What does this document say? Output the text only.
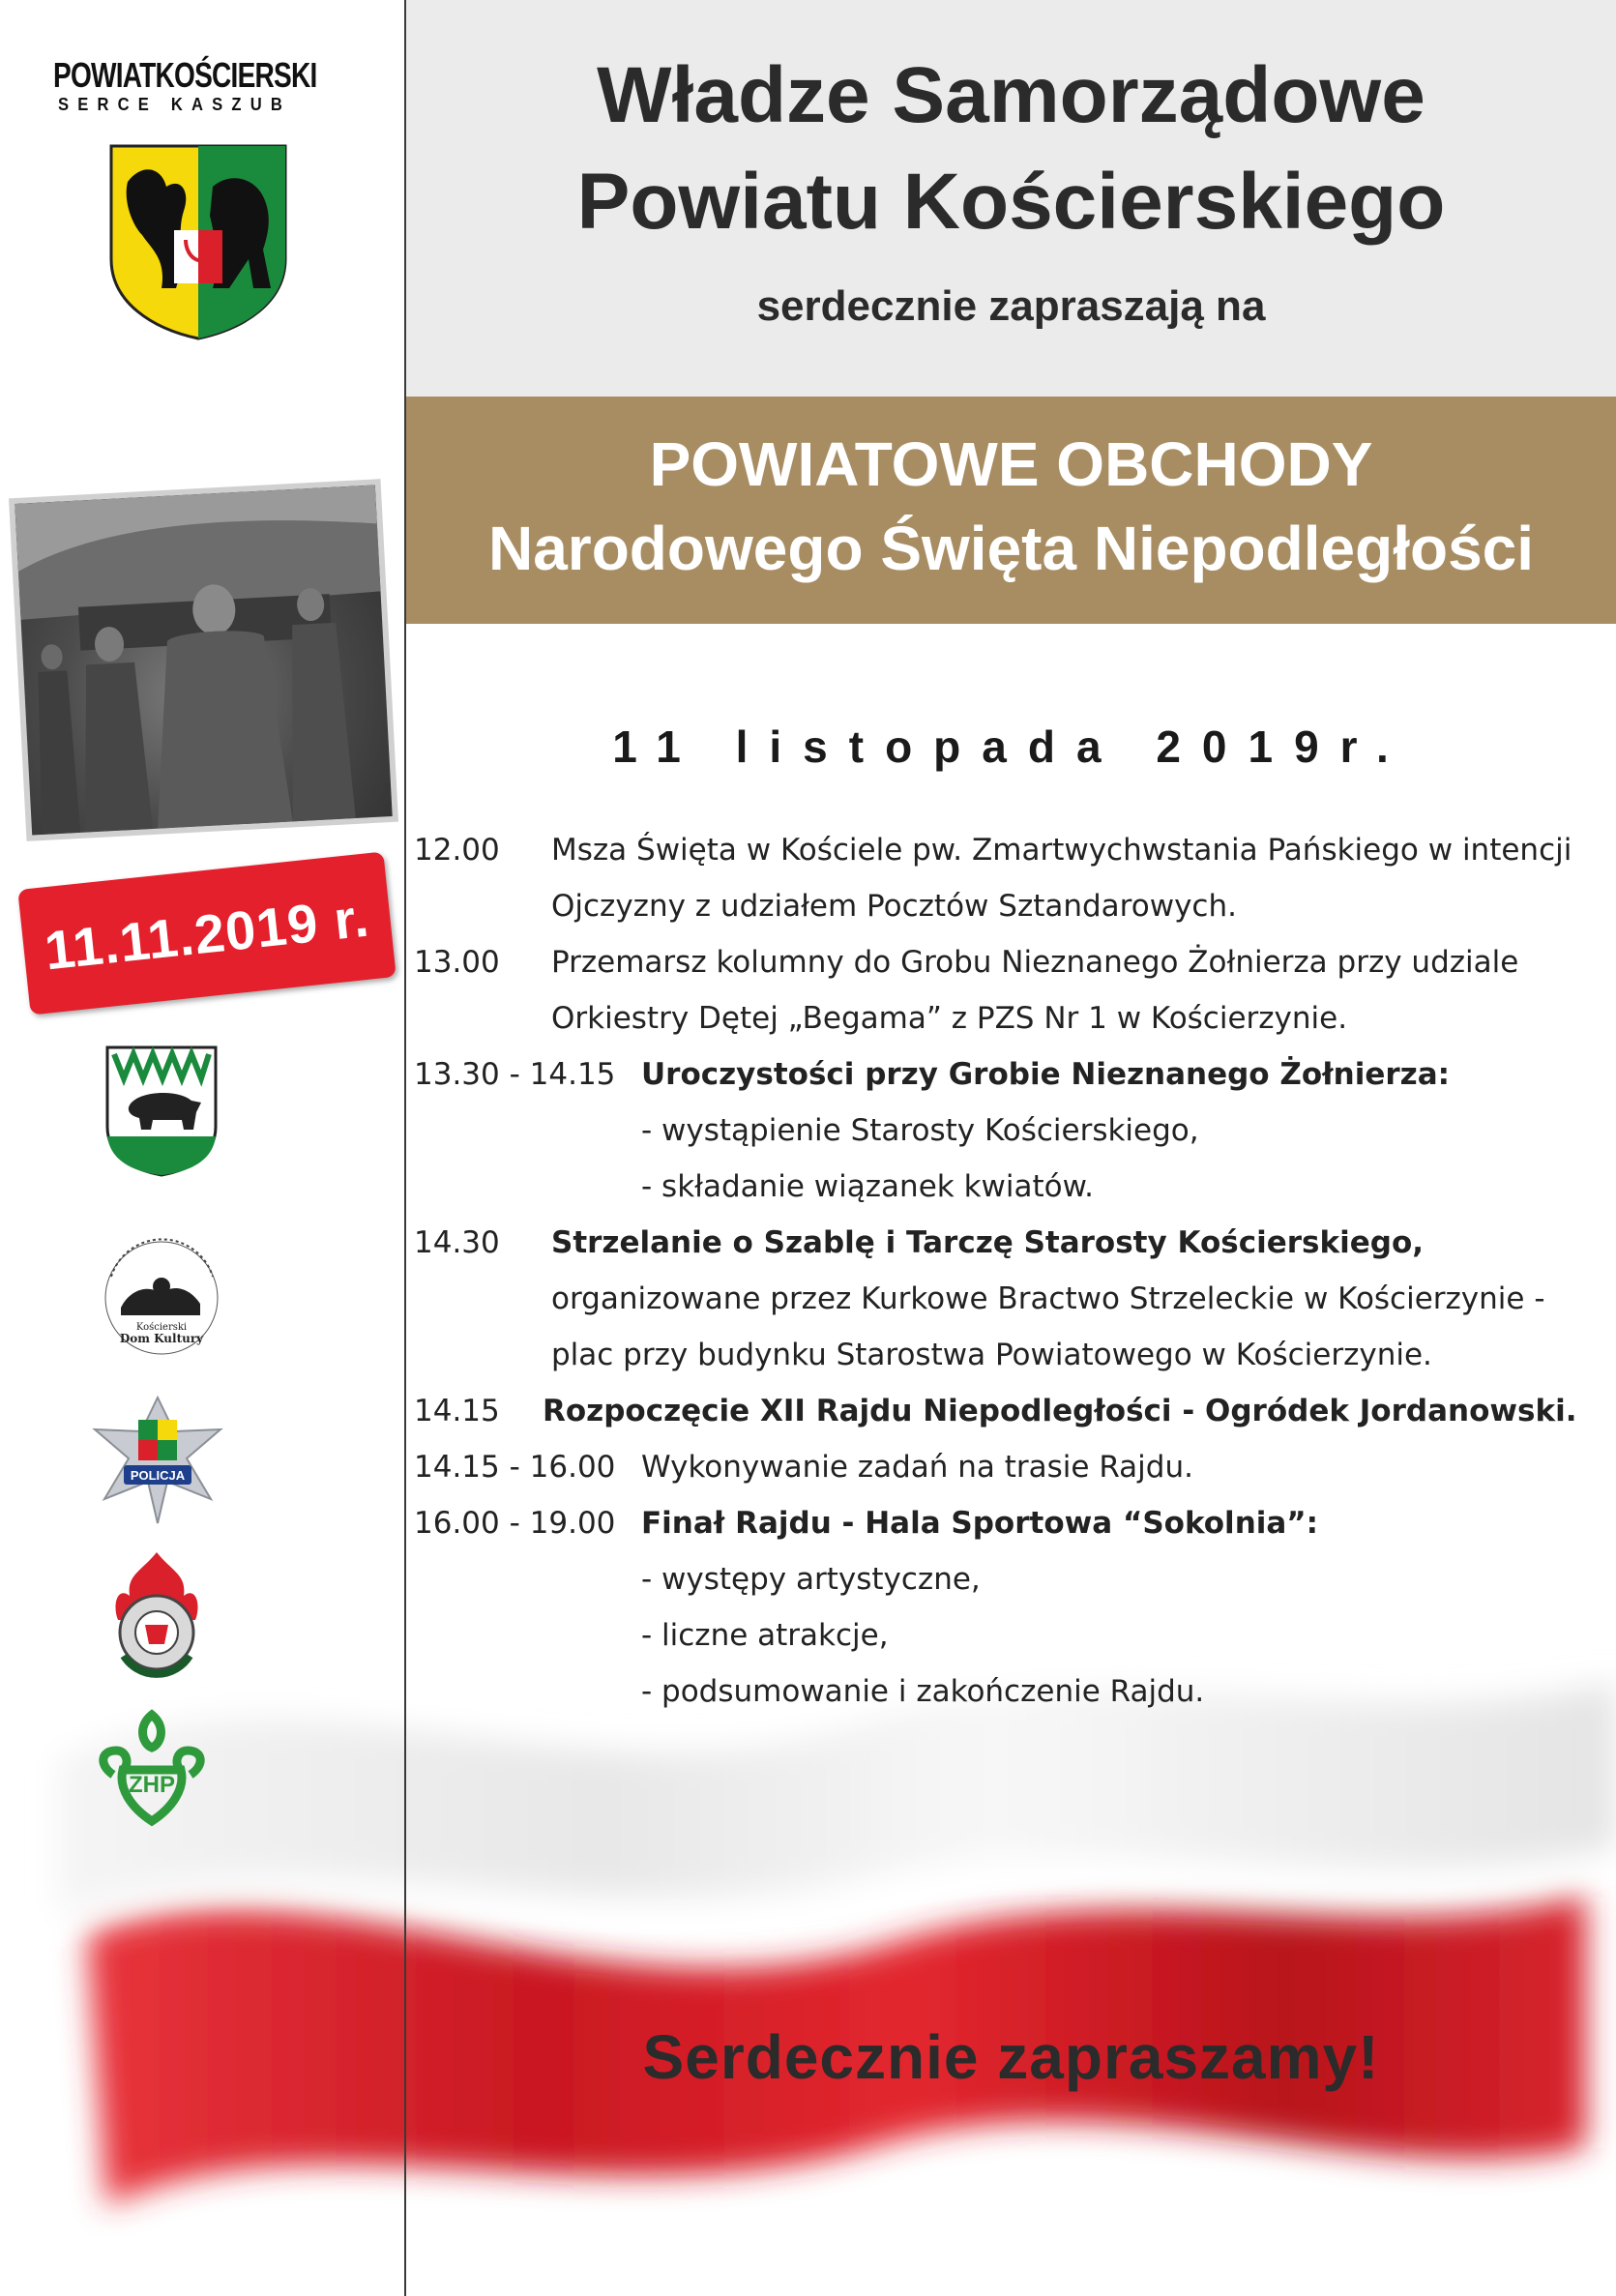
POWIATKOŚCIERSKI
SERCE KASZUB
11.11.2019 r.
Kościerski
Dom Kultury
POLICJA
ZHP
Władze Samorządowe
Powiatu Kościerskiego
serdecznie zapraszają na
POWIATOWE OBCHODY
Narodowego Święta Niepodległości
11 listopada 2019r.
12.00 Msza Święta w Kościele pw. Zmartwychwstania Pańskiego w intencji
Ojczyzny z udziałem Pocztów Sztandarowych.
13.00 Przemarsz kolumny do Grobu Nieznanego Żołnierza przy udziale
Orkiestry Dętej „Begama” z PZS Nr 1 w Kościerzynie.
13.30 - 14.15 Uroczystości przy Grobie Nieznanego Żołnierza:
- wystąpienie Starosty Kościerskiego,
- składanie wiązanek kwiatów.
14.30 Strzelanie o Szablę i Tarczę Starosty Kościerskiego,
organizowane przez Kurkowe Bractwo Strzeleckie w Kościerzynie -
plac przy budynku Starostwa Powiatowego w Kościerzynie.
14.15 Rozpoczęcie XII Rajdu Niepodległości - Ogródek Jordanowski.
14.15 - 16.00 Wykonywanie zadań na trasie Rajdu.
16.00 - 19.00 Finał Rajdu - Hala Sportowa “Sokolnia”:
- występy artystyczne,
- liczne atrakcje,
- podsumowanie i zakończenie Rajdu.
Serdecznie zapraszamy!
